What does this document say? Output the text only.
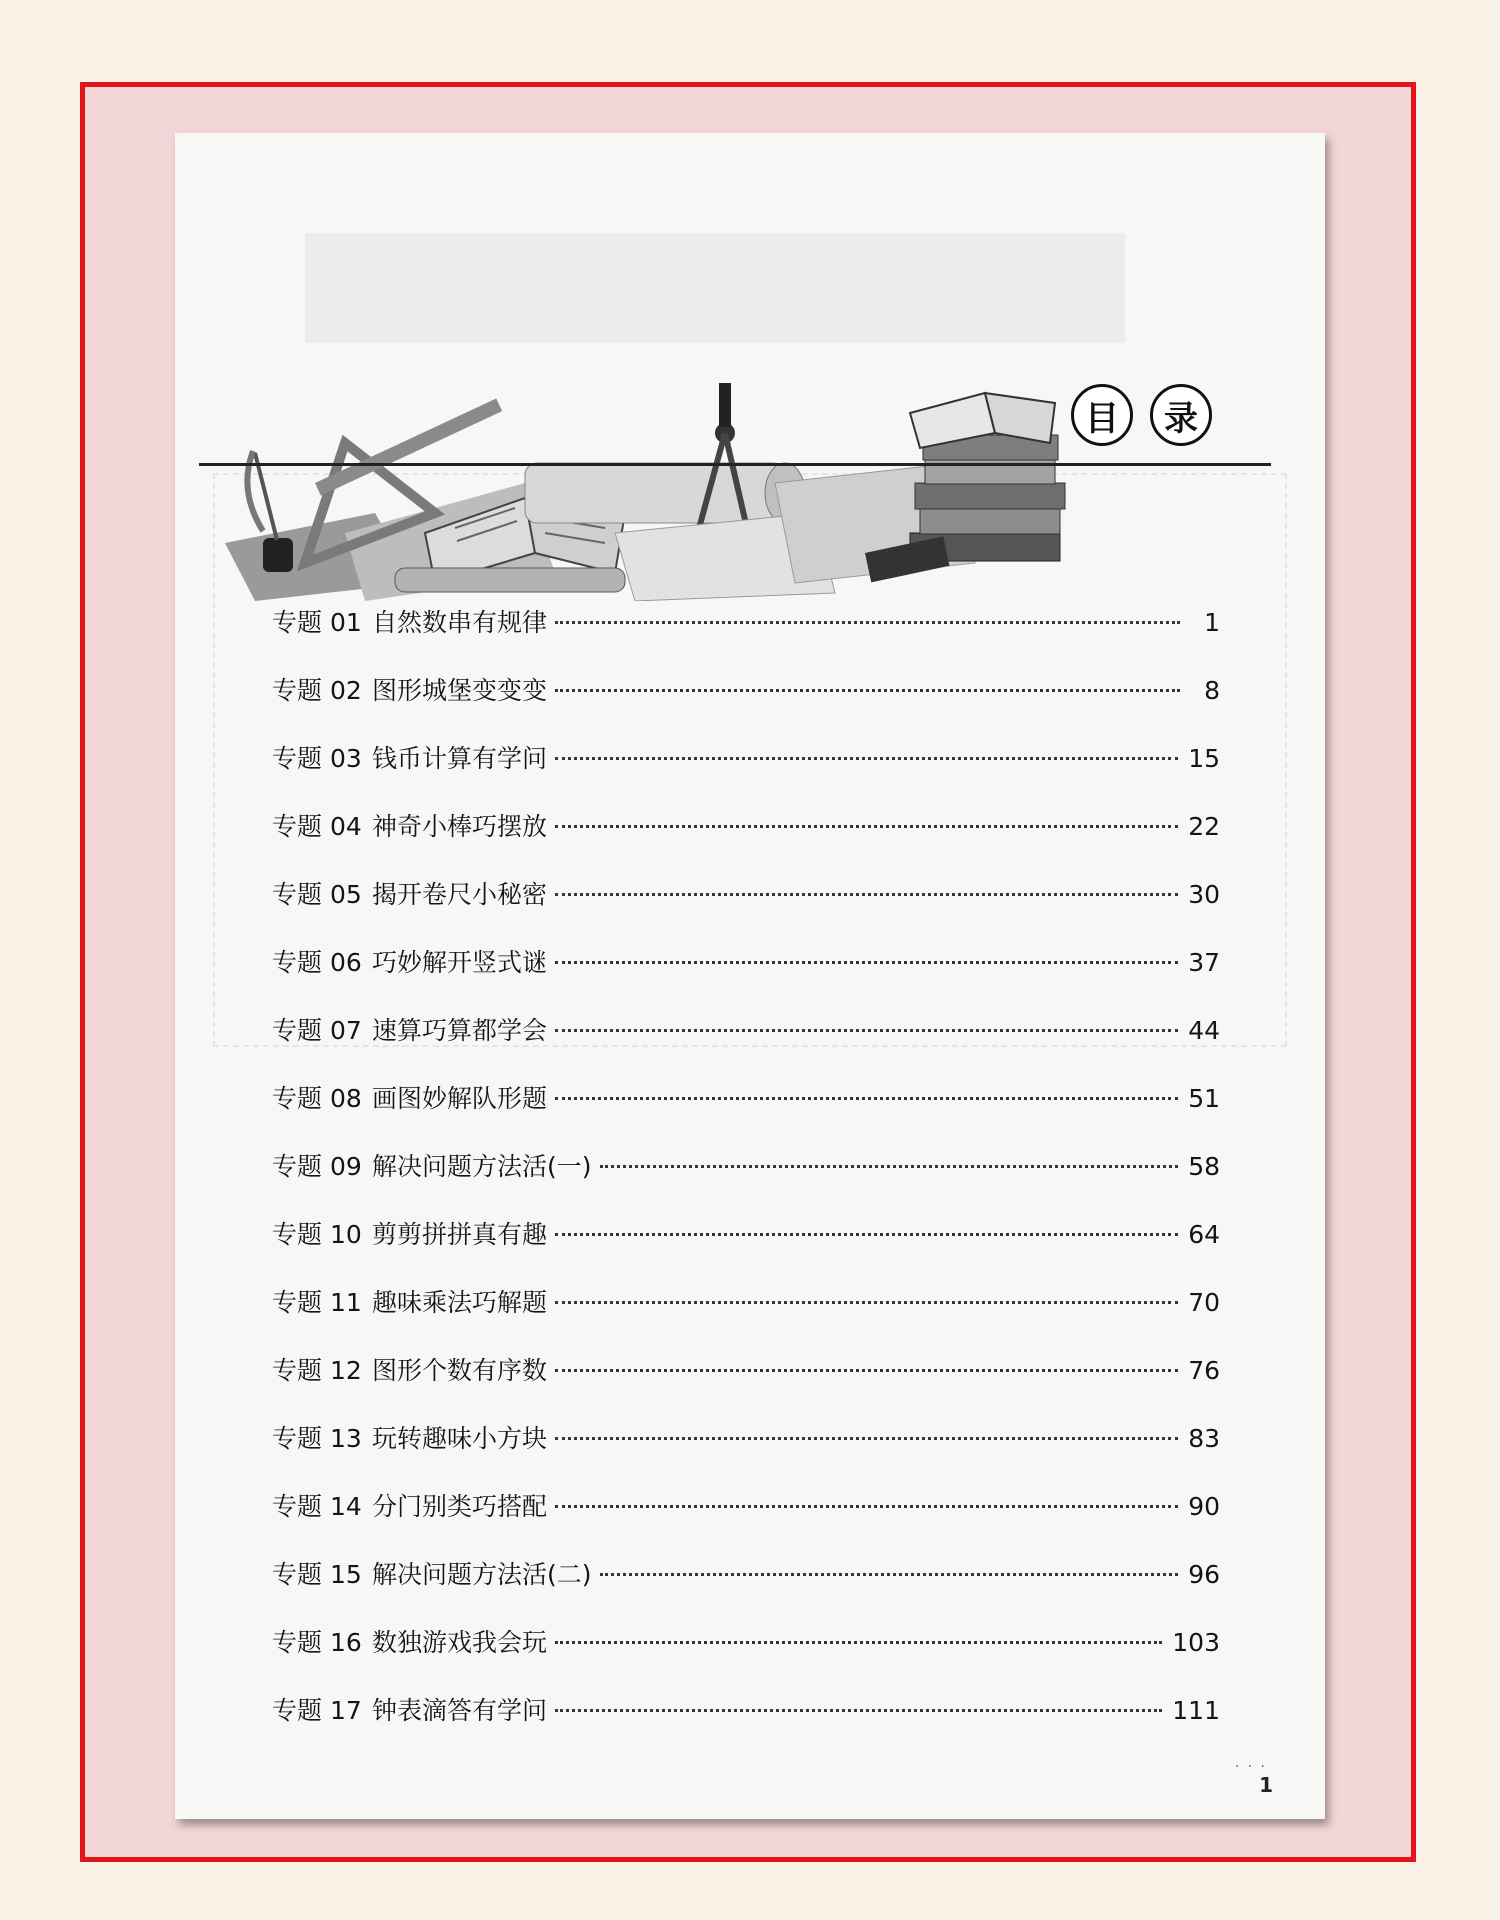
目	录
专题 01 自然数串有规律	1
专题 02 图形城堡变变变	8
专题 03 钱币计算有学问	15
专题 04 神奇小棒巧摆放	22
专题 05 揭开卷尺小秘密	30
专题 06 巧妙解开竖式谜	37
专题 07 速算巧算都学会	44
专题 08 画图妙解队形题	51
专题 09 解决问题方法活(一)	58
专题 10 剪剪拼拼真有趣	64
专题 11 趣味乘法巧解题	70
专题 12 图形个数有序数	76
专题 13 玩转趣味小方块	83
专题 14 分门别类巧搭配	90
专题 15 解决问题方法活(二)	96
专题 16 数独游戏我会玩	103
专题 17 钟表滴答有学问	111
· · ·
1
